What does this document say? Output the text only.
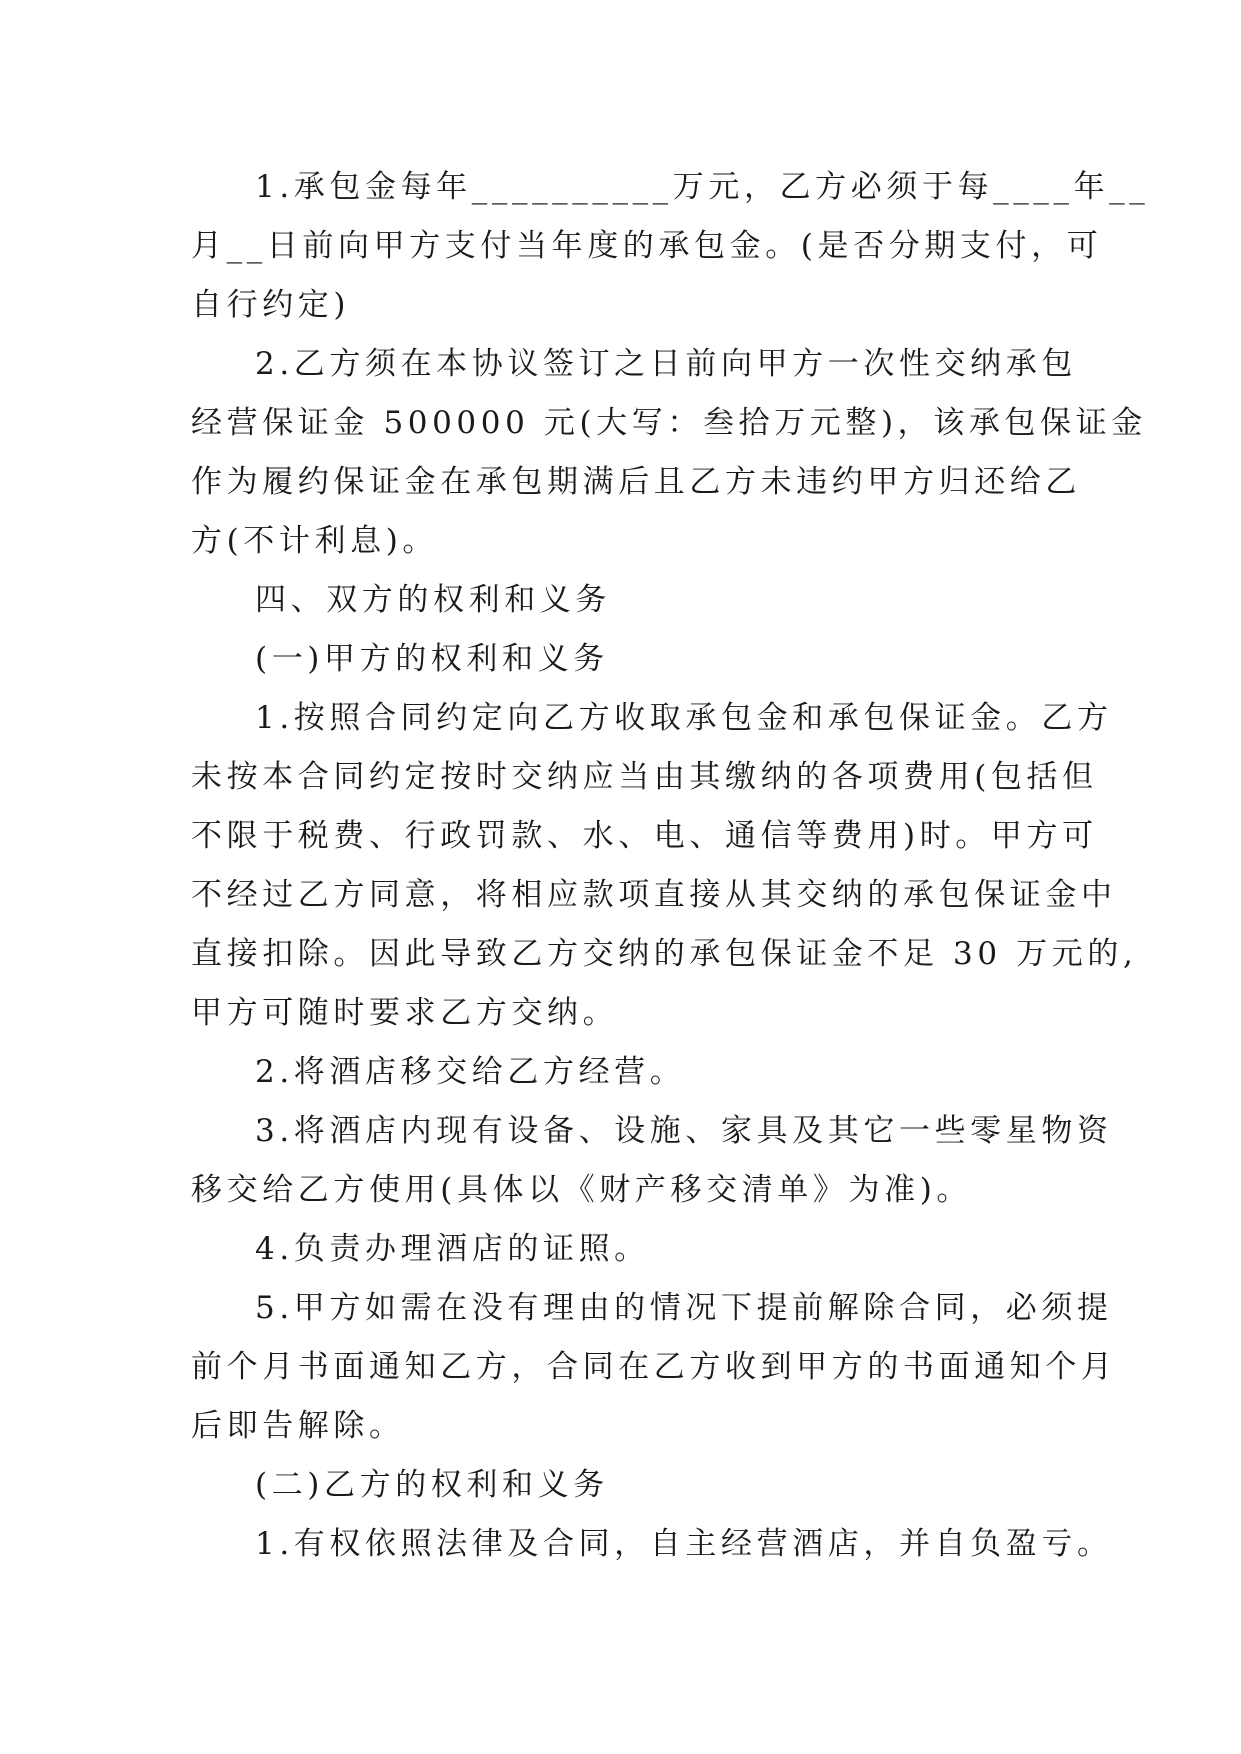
1.承包金每年__________万元，乙方必须于每____年__
月__日前向甲方支付当年度的承包金。(是否分期支付，可
自行约定)
2.乙方须在本协议签订之日前向甲方一次性交纳承包
经营保证金 500000 元(大写：叁拾万元整)，该承包保证金
作为履约保证金在承包期满后且乙方未违约甲方归还给乙
方(不计利息)。
四、双方的权利和义务
(一)甲方的权利和义务
1.按照合同约定向乙方收取承包金和承包保证金。乙方
未按本合同约定按时交纳应当由其缴纳的各项费用(包括但
不限于税费、行政罚款、水、电、通信等费用)时。甲方可
不经过乙方同意，将相应款项直接从其交纳的承包保证金中
直接扣除。因此导致乙方交纳的承包保证金不足 30 万元的,
甲方可随时要求乙方交纳。
2.将酒店移交给乙方经营。
3.将酒店内现有设备、设施、家具及其它一些零星物资
移交给乙方使用(具体以《财产移交清单》为准)。
4.负责办理酒店的证照。
5.甲方如需在没有理由的情况下提前解除合同，必须提
前个月书面通知乙方，合同在乙方收到甲方的书面通知个月
后即告解除。
(二)乙方的权利和义务
1.有权依照法律及合同，自主经营酒店，并自负盈亏。
